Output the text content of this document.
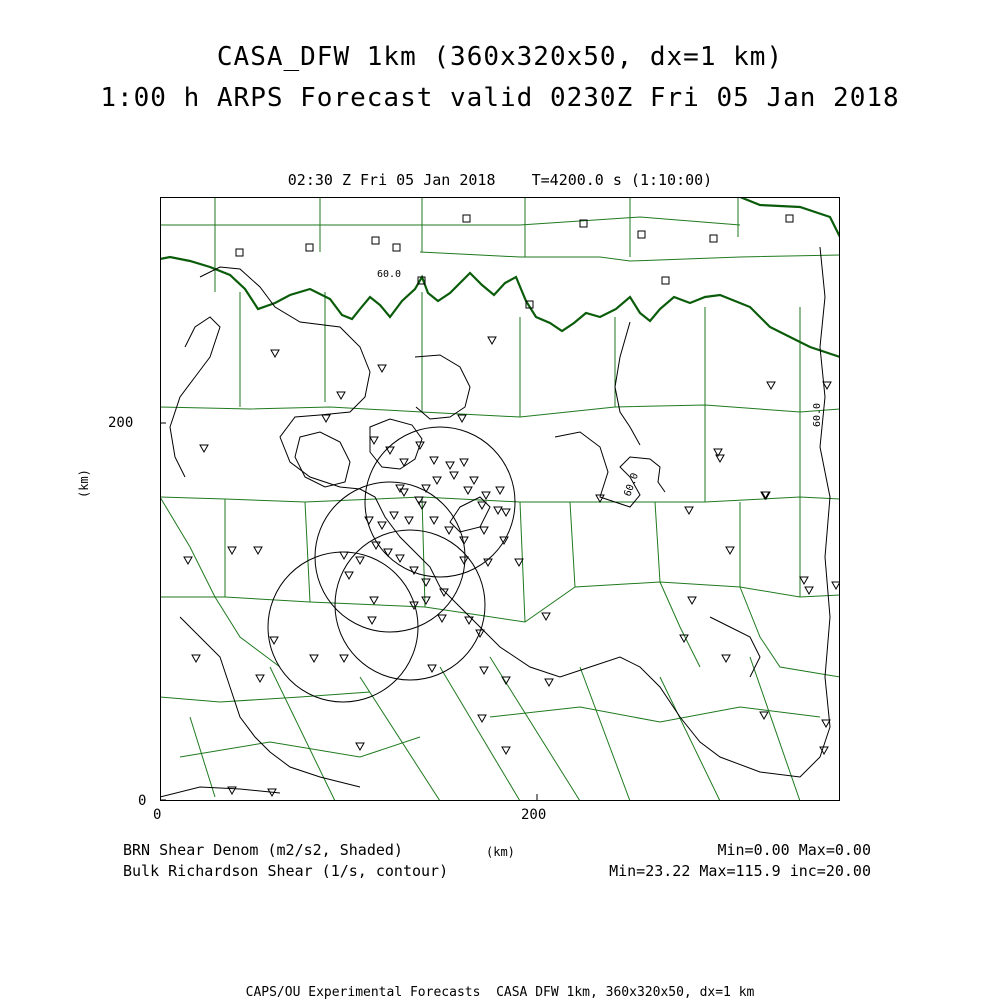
CASA_DFW 1km (360x320x50, dx=1 km)
1:00 h ARPS Forecast valid 0230Z Fri 05 Jan 2018
02:30 Z Fri 05 Jan 2018    T=4200.0 s (1:10:00)
60.0
60.0
60.0
200
0
0	200
(km)
(km)
BRN Shear Denom (m2/s2, Shaded)
Bulk Richardson Shear (1/s, contour)
Min=0.00 Max=0.00
Min=23.22 Max=115.9 inc=20.00
CAPS/OU Experimental Forecasts  CASA DFW 1km, 360x320x50, dx=1 km
